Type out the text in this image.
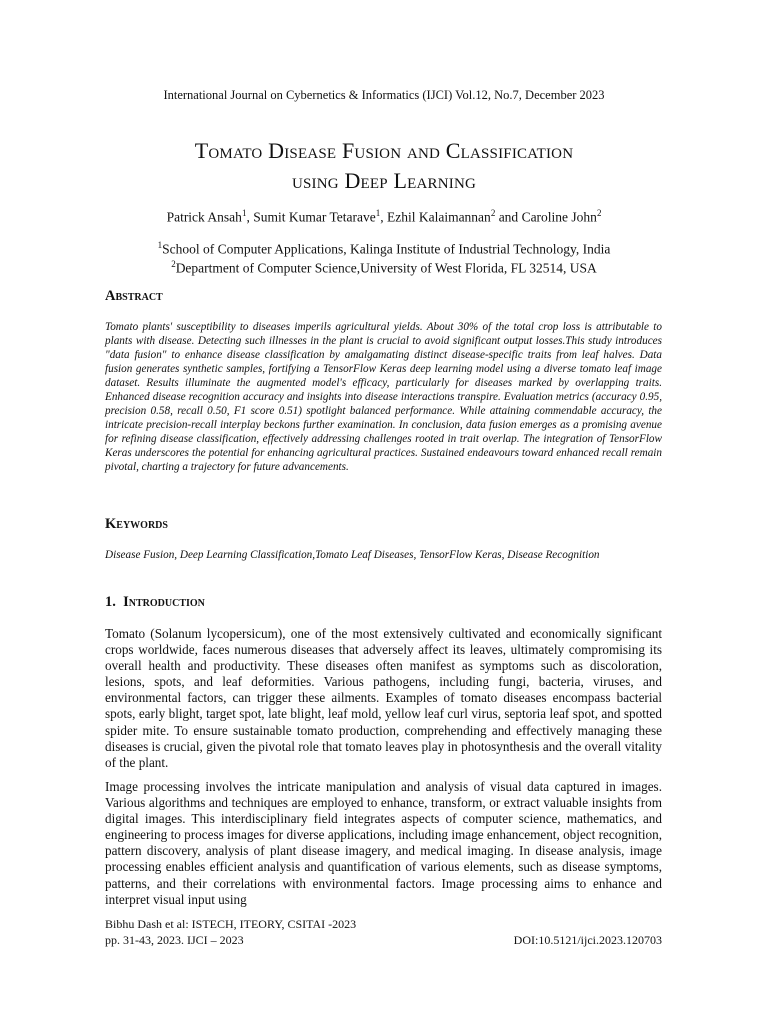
International Journal on Cybernetics & Informatics (IJCI) Vol.12, No.7, December 2023
Tomato Disease Fusion and Classification
using Deep Learning
Patrick Ansah$^1$, Sumit Kumar Tetarave$^1$, Ezhil Kalaimannan$^2$ and Caroline John$^2$
$^1$School of Computer Applications, Kalinga Institute of Industrial Technology, India
$^2$Department of Computer Science,University of West Florida, FL 32514, USA
Abstract

Tomato plants' susceptibility to diseases imperils agricultural yields. About 30% of the total crop loss is attributable to plants with disease. Detecting such illnesses in the plant is crucial to avoid significant output losses.This study introduces "data fusion" to enhance disease classification by amalgamating distinct disease-specific traits from leaf halves. Data fusion generates synthetic samples, fortifying a TensorFlow Keras deep learning model using a diverse tomato leaf image dataset. Results illuminate the augmented model's efficacy, particularly for diseases marked by overlapping traits. Enhanced disease recognition accuracy and insights into disease interactions transpire. Evaluation metrics (accuracy 0.95, precision 0.58, recall 0.50, F1 score 0.51) spotlight balanced performance. While attaining commendable accuracy, the intricate precision-recall interplay beckons further examination. In conclusion, data fusion emerges as a promising avenue for refining disease classification, effectively addressing challenges rooted in trait overlap. The integration of TensorFlow Keras underscores the potential for enhancing agricultural practices. Sustained endeavours toward enhanced recall remain pivotal, charting a trajectory for future advancements.

Keywords

Disease Fusion, Deep Learning Classification,Tomato Leaf Diseases, TensorFlow Keras, Disease Recognition

1. Introduction

Tomato (Solanum lycopersicum), one of the most extensively cultivated and economically significant crops worldwide, faces numerous diseases that adversely affect its leaves, ultimately compromising its overall health and productivity. These diseases often manifest as symptoms such as discoloration, lesions, spots, and leaf deformities. Various pathogens, including fungi, bacteria, viruses, and environmental factors, can trigger these ailments. Examples of tomato diseases encompass bacterial spots, early blight, target spot, late blight, leaf mold, yellow leaf curl virus, septoria leaf spot, and spotted spider mite. To ensure sustainable tomato production, comprehending and effectively managing these diseases is crucial, given the pivotal role that tomato leaves play in photosynthesis and the overall vitality of the plant.

Image processing involves the intricate manipulation and analysis of visual data captured in images. Various algorithms and techniques are employed to enhance, transform, or extract valuable insights from digital images. This interdisciplinary field integrates aspects of computer science, mathematics, and engineering to process images for diverse applications, including image enhancement, object recognition, pattern discovery, analysis of plant disease imagery, and medical imaging. In disease analysis, image processing enables efficient analysis and quantification of various elements, such as disease symptoms, patterns, and their correlations with environmental factors. Image processing aims to enhance and interpret visual input using

Bibhu Dash et al: ISTECH, ITEORY, CSITAI -2023
pp. 31-43, 2023. IJCI – 2023	DOI:10.5121/ijci.2023.120703
